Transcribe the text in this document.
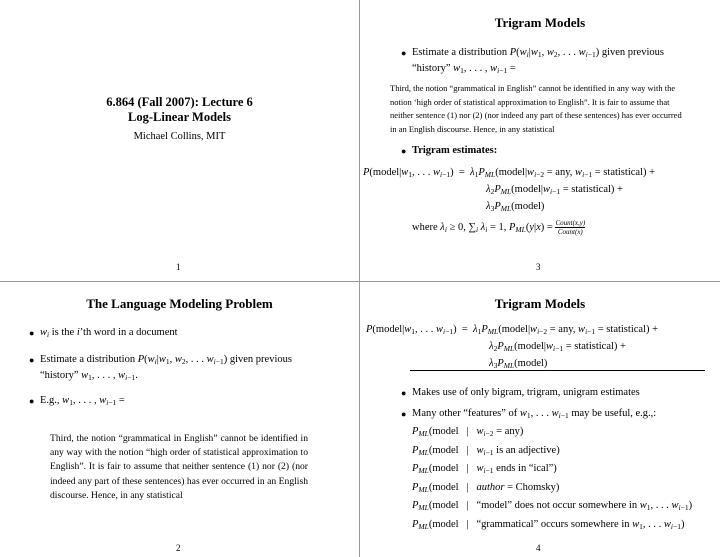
6.864 (Fall 2007): Lecture 6
Log-Linear Models
Michael Collins, MIT
1
The Language Modeling Problem
● $w_i$ is the i’th word in a document
● Estimate a distribution $P(w_i|w_1$, $w_2$, . . . $w_{i-1}$) given previous
“history” $w_1$, . . . , $w_{i-1}$.
● E.g., $w_1$, . . . , $w_{i-1}$ =
Third, the notion “grammatical in English” cannot be identified in any way with the notion “high order of statistical approximation to English”. It is fair to assume that neither sentence (1) nor (2) (nor indeed any part of these sentences) has ever occurred in an English discourse. Hence, in any statistical
2
Trigram Models
● Estimate a distribution $P(w_i|w_1$, $w_2$, . . . $w_{i-1}$) given previous
“history” $w_1$, . . . , $w_{i-1}$ =
Third, the notion “grammatical in English” cannot be identified in any way with the notion ‘high order of statistical approximation to English”. It is fair to assume that neither sentence (1) nor (2) (nor indeed any part of these sentences) has ever occurred in an English discourse. Hence, in any statistical
● Trigram estimates:
$P(model|w_1$, . . . $w_{i-1}$)  =  $\lambda_1P_{ML}(model|w_{i-2}$ = any, $w_{i-1}$ = statistical) +
$\lambda_2P_{ML}(model|w_{i-1}$ = statistical) +
$\lambda_3P_{ML}(model)$
where $\lambda_i \ge 0$, $\sum_i$ $\lambda_i = 1$, $P_{ML}(y|x)$ = Count(x,y)
Count(x)
3
Trigram Models
$P(model|w_1$, . . . $w_{i-1}$)  =  $\lambda_1P_{ML}(model|w_{i-2}$ = any, $w_{i-1}$ = statistical) +
$\lambda_2P_{ML}(model|w_{i-1}$ = statistical) +
$\lambda_3P_{ML}(model)$
● Makes use of only bigram, trigram, unigram estimates
● Many other “features” of $w_1$, . . . $w_{i-1}$ may be useful, e.g.,:
$P_{ML}(model$   |   $w_{i-2} = any$)
$P_{ML}(model$   |   $w_{i-1}$ is an adjective)
$P_{ML}(model$   |   $w_{i-1}$ ends in “ical”)
$P_{ML}(model$   |   author = Chomsky)
$P_{ML}(model$   |   “model” does not occur somewhere in $w_1$, . . . $w_{i-1}$)
$P_{ML}(model$   |   “grammatical” occurs somewhere in $w_1$, . . . $w_{i-1}$)
4
